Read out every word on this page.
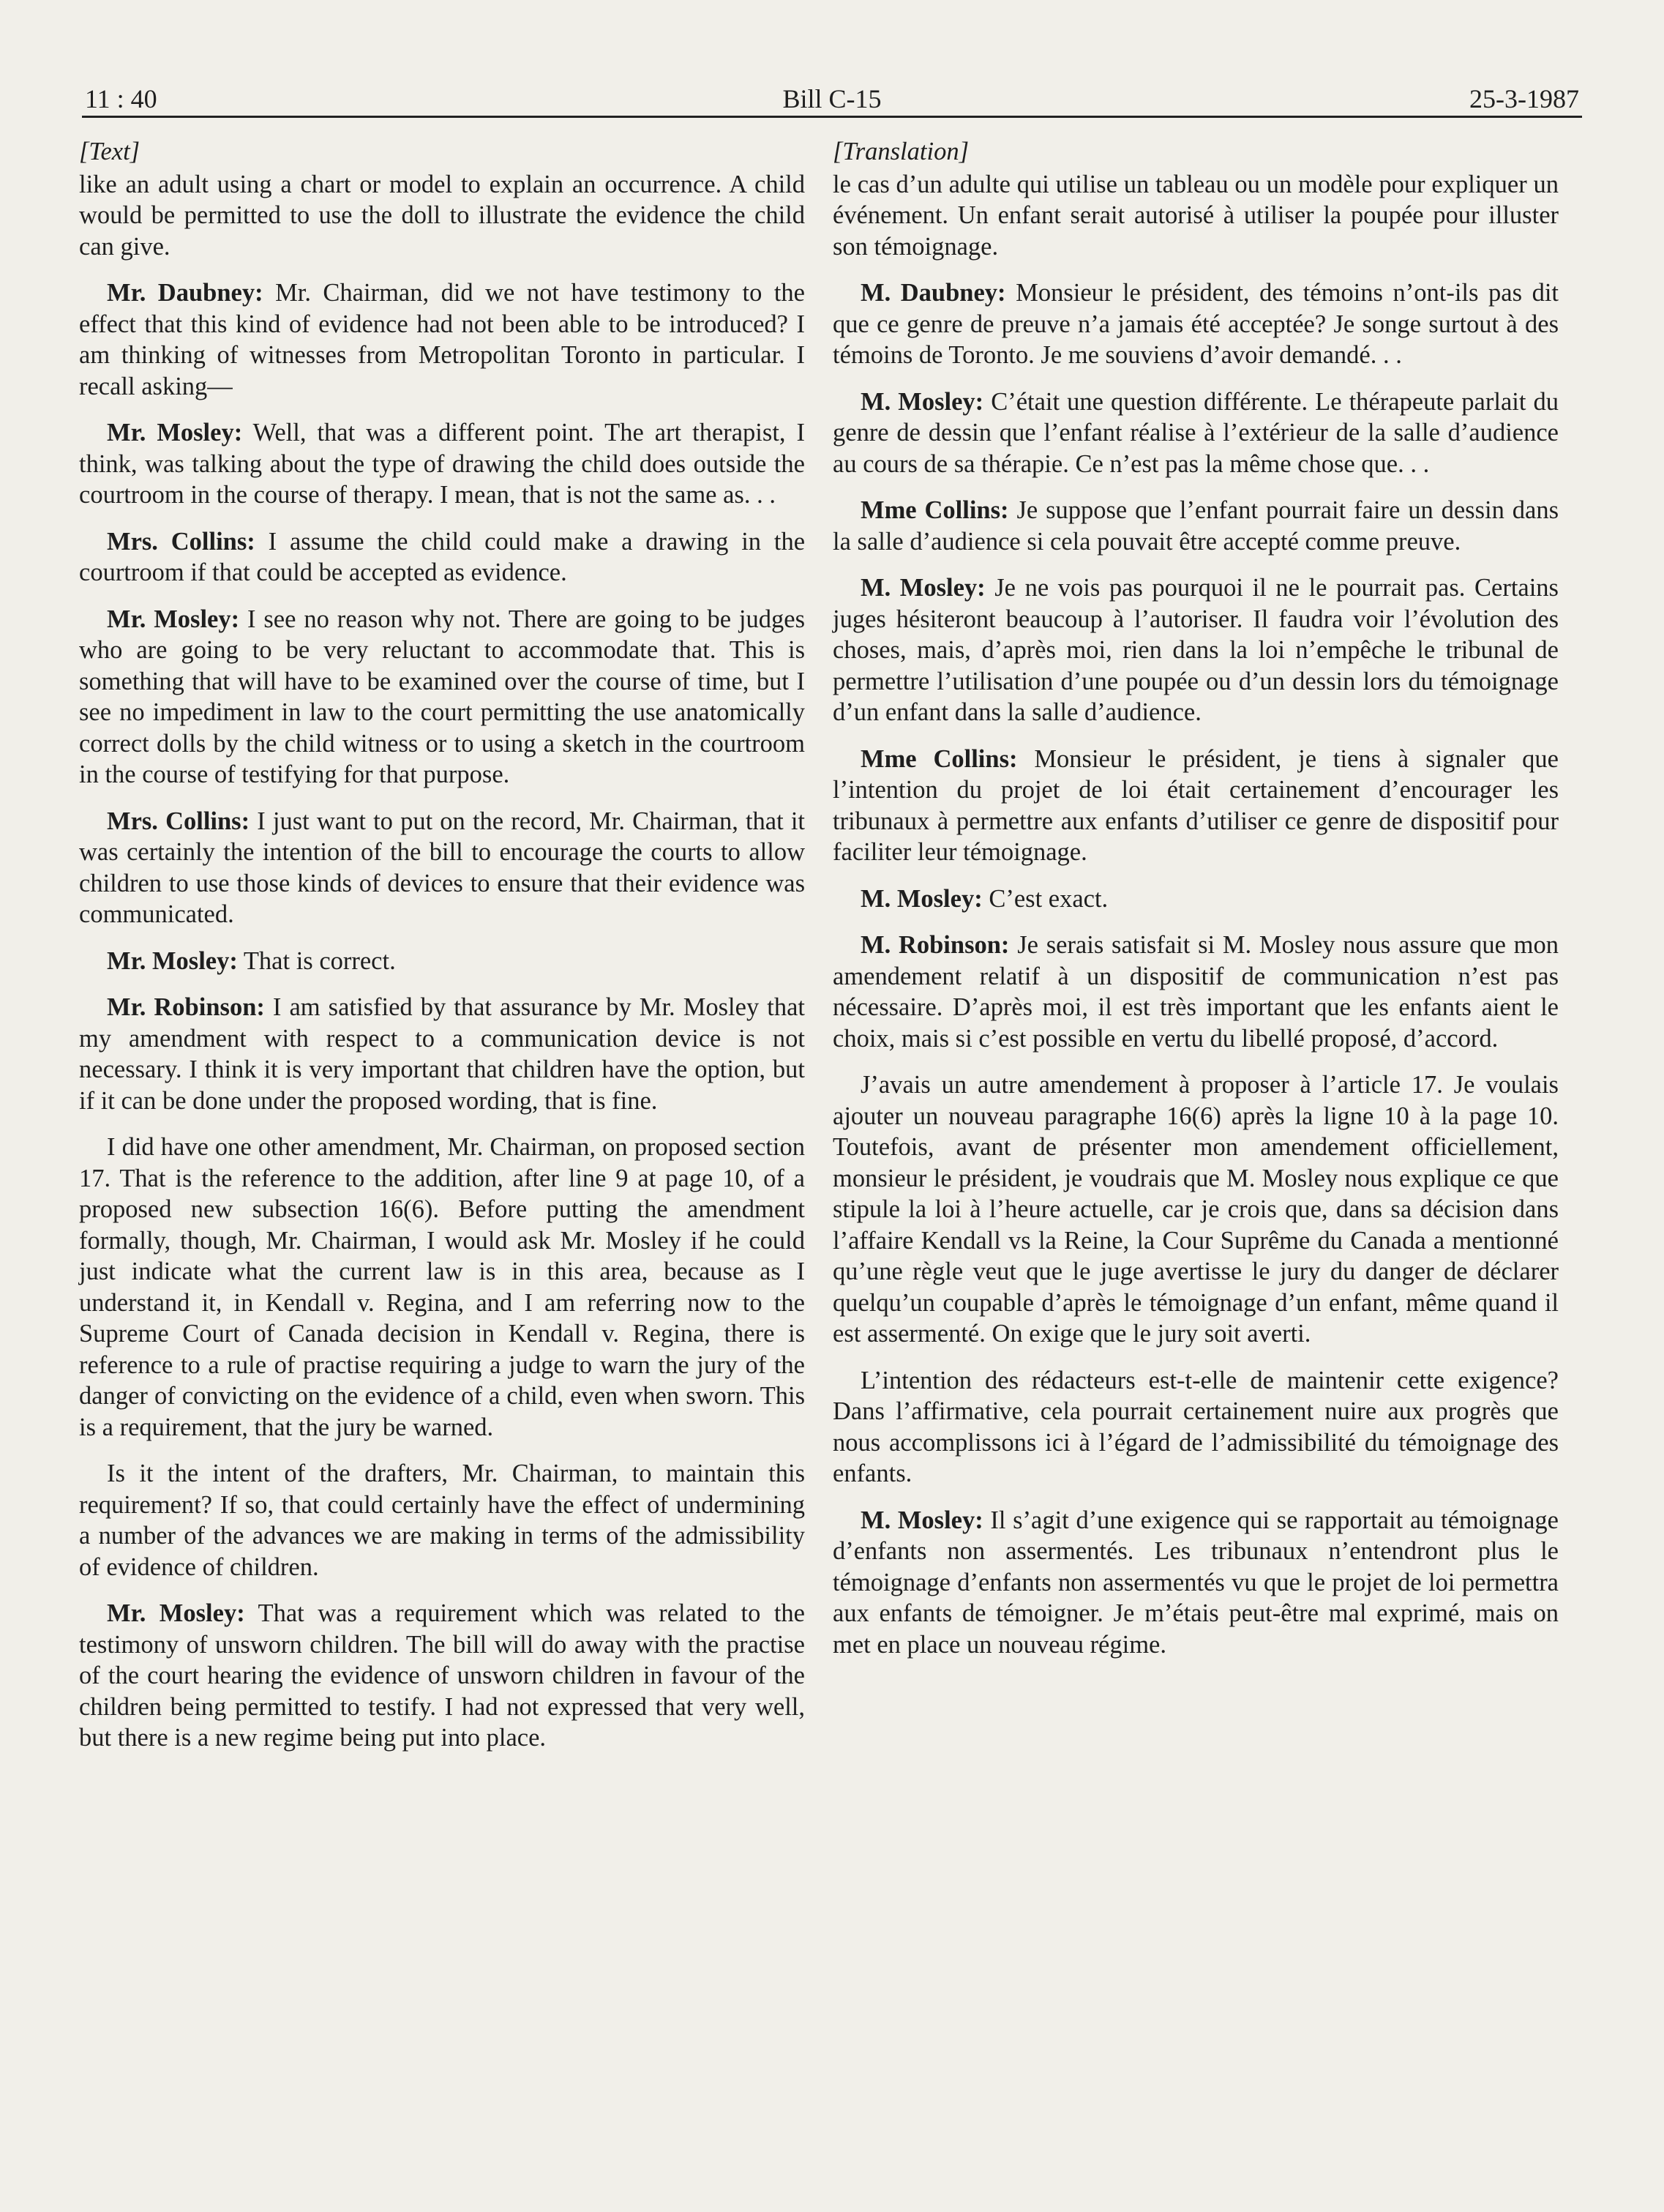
11 : 40	Bill C-15	25-3-1987
[Text]

like an adult using a chart or model to explain an occurrence. A child would be permitted to use the doll to illustrate the evidence the child can give.

Mr. Daubney: Mr. Chairman, did we not have testimony to the effect that this kind of evidence had not been able to be introduced? I am thinking of witnesses from Metropolitan Toronto in particular. I recall asking—

Mr. Mosley: Well, that was a different point. The art therapist, I think, was talking about the type of drawing the child does outside the courtroom in the course of therapy. I mean, that is not the same as. . .

Mrs. Collins: I assume the child could make a drawing in the courtroom if that could be accepted as evidence.

Mr. Mosley: I see no reason why not. There are going to be judges who are going to be very reluctant to accommodate that. This is something that will have to be examined over the course of time, but I see no impediment in law to the court permitting the use anatomically correct dolls by the child witness or to using a sketch in the courtroom in the course of testifying for that purpose.

Mrs. Collins: I just want to put on the record, Mr. Chairman, that it was certainly the intention of the bill to encourage the courts to allow children to use those kinds of devices to ensure that their evidence was communicated.

Mr. Mosley: That is correct.

Mr. Robinson: I am satisfied by that assurance by Mr. Mosley that my amendment with respect to a communication device is not necessary. I think it is very important that children have the option, but if it can be done under the proposed wording, that is fine.

I did have one other amendment, Mr. Chairman, on proposed section 17. That is the reference to the addition, after line 9 at page 10, of a proposed new subsection 16(6). Before putting the amendment formally, though, Mr. Chairman, I would ask Mr. Mosley if he could just indicate what the current law is in this area, because as I understand it, in Kendall v. Regina, and I am referring now to the Supreme Court of Canada decision in Kendall v. Regina, there is reference to a rule of practise requiring a judge to warn the jury of the danger of convicting on the evidence of a child, even when sworn. This is a requirement, that the jury be warned.

Is it the intent of the drafters, Mr. Chairman, to maintain this requirement? If so, that could certainly have the effect of undermining a number of the advances we are making in terms of the admissibility of evidence of children.

Mr. Mosley: That was a requirement which was related to the testimony of unsworn children. The bill will do away with the practise of the court hearing the evidence of unsworn children in favour of the children being permitted to testify. I had not expressed that very well, but there is a new regime being put into place.

[Translation]

le cas d’un adulte qui utilise un tableau ou un modèle pour expliquer un événement. Un enfant serait autorisé à utiliser la poupée pour illuster son témoignage.

M. Daubney: Monsieur le président, des témoins n’ont-ils pas dit que ce genre de preuve n’a jamais été acceptée? Je songe surtout à des témoins de Toronto. Je me souviens d’avoir demandé. . .

M. Mosley: C’était une question différente. Le thérapeute parlait du genre de dessin que l’enfant réalise à l’extérieur de la salle d’audience au cours de sa thérapie. Ce n’est pas la même chose que. . .

Mme Collins: Je suppose que l’enfant pourrait faire un dessin dans la salle d’audience si cela pouvait être accepté comme preuve.

M. Mosley: Je ne vois pas pourquoi il ne le pourrait pas. Certains juges hésiteront beaucoup à l’autoriser. Il faudra voir l’évolution des choses, mais, d’après moi, rien dans la loi n’empêche le tribunal de permettre l’utilisation d’une poupée ou d’un dessin lors du témoignage d’un enfant dans la salle d’audience.

Mme Collins: Monsieur le président, je tiens à signaler que l’intention du projet de loi était certainement d’encourager les tribunaux à permettre aux enfants d’utiliser ce genre de dispositif pour faciliter leur témoignage.

M. Mosley: C’est exact.

M. Robinson: Je serais satisfait si M. Mosley nous assure que mon amendement relatif à un dispositif de communication n’est pas nécessaire. D’après moi, il est très important que les enfants aient le choix, mais si c’est possible en vertu du libellé proposé, d’accord.

J’avais un autre amendement à proposer à l’article 17. Je voulais ajouter un nouveau paragraphe 16(6) après la ligne 10 à la page 10. Toutefois, avant de présenter mon amendement officiellement, monsieur le président, je voudrais que M. Mosley nous explique ce que stipule la loi à l’heure actuelle, car je crois que, dans sa décision dans l’affaire Kendall vs la Reine, la Cour Suprême du Canada a mentionné qu’une règle veut que le juge avertisse le jury du danger de déclarer quelqu’un coupable d’après le témoignage d’un enfant, même quand il est assermenté. On exige que le jury soit averti.

L’intention des rédacteurs est-t-elle de maintenir cette exigence? Dans l’affirmative, cela pourrait certainement nuire aux progrès que nous accomplissons ici à l’égard de l’admissibilité du témoignage des enfants.

M. Mosley: Il s’agit d’une exigence qui se rapportait au témoignage d’enfants non assermentés. Les tribunaux n’entendront plus le témoignage d’enfants non assermentés vu que le projet de loi permettra aux enfants de témoigner. Je m’étais peut-être mal exprimé, mais on met en place un nouveau régime.
